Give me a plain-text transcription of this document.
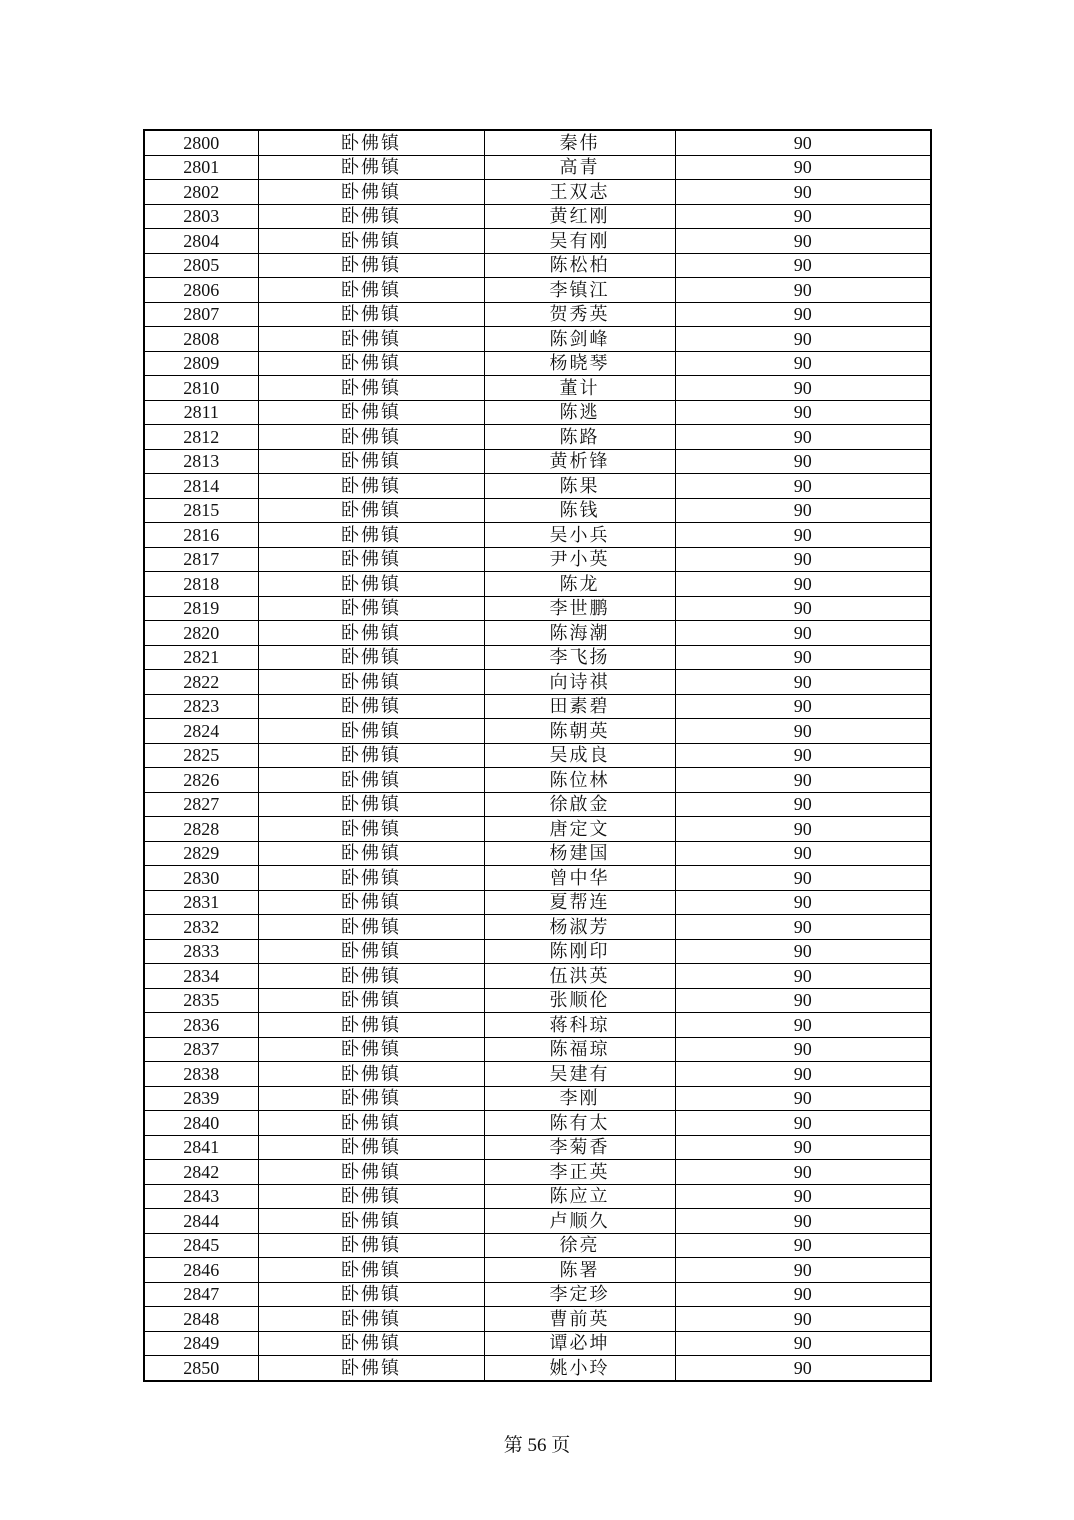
2800	卧佛镇	秦伟	90
2801	卧佛镇	高青	90
2802	卧佛镇	王双志	90
2803	卧佛镇	黄红刚	90
2804	卧佛镇	吴有刚	90
2805	卧佛镇	陈松柏	90
2806	卧佛镇	李镇江	90
2807	卧佛镇	贺秀英	90
2808	卧佛镇	陈剑峰	90
2809	卧佛镇	杨晓琴	90
2810	卧佛镇	董计	90
2811	卧佛镇	陈逃	90
2812	卧佛镇	陈路	90
2813	卧佛镇	黄析锋	90
2814	卧佛镇	陈果	90
2815	卧佛镇	陈钱	90
2816	卧佛镇	吴小兵	90
2817	卧佛镇	尹小英	90
2818	卧佛镇	陈龙	90
2819	卧佛镇	李世鹏	90
2820	卧佛镇	陈海潮	90
2821	卧佛镇	李飞扬	90
2822	卧佛镇	向诗祺	90
2823	卧佛镇	田素碧	90
2824	卧佛镇	陈朝英	90
2825	卧佛镇	吴成良	90
2826	卧佛镇	陈位林	90
2827	卧佛镇	徐啟金	90
2828	卧佛镇	唐定文	90
2829	卧佛镇	杨建国	90
2830	卧佛镇	曾中华	90
2831	卧佛镇	夏帮连	90
2832	卧佛镇	杨淑芳	90
2833	卧佛镇	陈刚印	90
2834	卧佛镇	伍洪英	90
2835	卧佛镇	张顺伦	90
2836	卧佛镇	蒋科琼	90
2837	卧佛镇	陈福琼	90
2838	卧佛镇	吴建有	90
2839	卧佛镇	李刚	90
2840	卧佛镇	陈有太	90
2841	卧佛镇	李菊香	90
2842	卧佛镇	李正英	90
2843	卧佛镇	陈应立	90
2844	卧佛镇	卢顺久	90
2845	卧佛镇	徐亮	90
2846	卧佛镇	陈署	90
2847	卧佛镇	李定珍	90
2848	卧佛镇	曹前英	90
2849	卧佛镇	谭必坤	90
2850	卧佛镇	姚小玲	90
第 56 页
